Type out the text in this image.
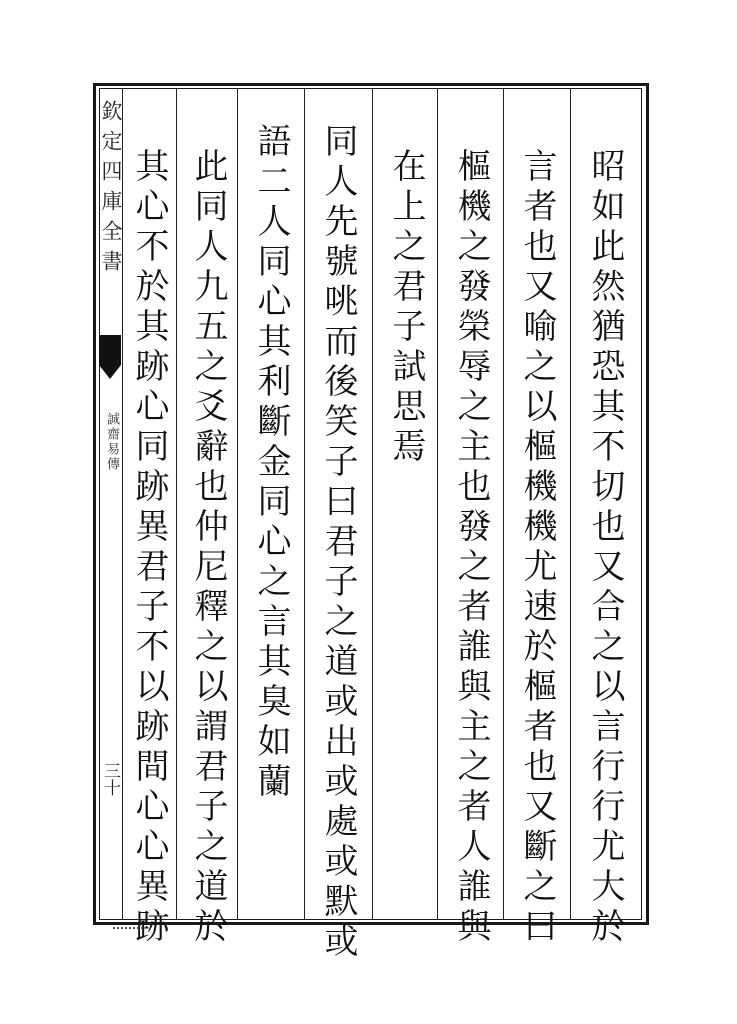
欽定四庫全書
誠齋易傳
三十	昭如此然猶恐其不切也又合之以言行行尤大於
言者也又喻之以樞機機尤速於樞者也又斷之曰
樞機之發榮辱之主也發之者誰與主之者人誰與
在上之君子試思焉
同人先號咷而後笑子曰君子之道或出或處或默或
語二人同心其利斷金同心之言其臭如蘭
此同人九五之爻辭也仲尼釋之以謂君子之道於
其心不於其跡心同跡異君子不以跡間心心異跡
